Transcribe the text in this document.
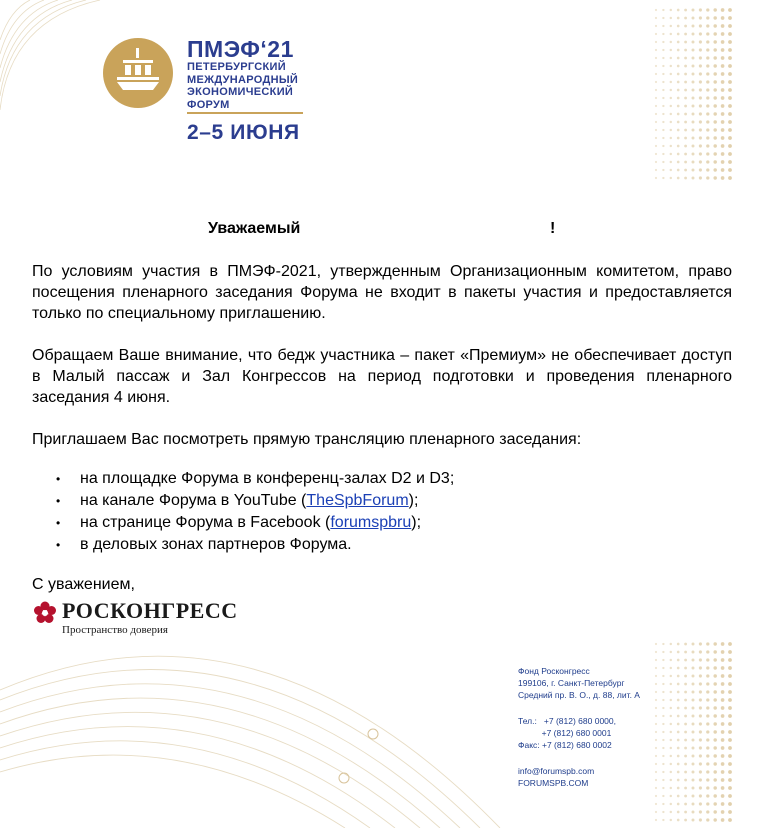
ПМЭФ‘21
ПЕТЕРБУРГСКИЙ
МЕЖДУНАРОДНЫЙ
ЭКОНОМИЧЕСКИЙ
ФОРУМ
2–5 ИЮНЯ
Уважаемый	!
По условиям участия в ПМЭФ-2021, утвержденным Организационным комитетом, право посещения пленарного заседания Форума не входит в пакеты участия и предоставляется только по специальному приглашению.
Обращаем Ваше внимание, что бедж участника – пакет «Премиум» не обеспечивает доступ в Малый пассаж и Зал Конгрессов на период подготовки и проведения пленарного заседания 4 июня.
Приглашаем Вас посмотреть прямую трансляцию пленарного заседания:
• на площадке Форума в конференц-залах D2 и D3;
• на канале Форума в YouTube (TheSpbForum);
• на странице Форума в Facebook (forumspbru);
• в деловых зонах партнеров Форума.
С уважением,
РОСКОНГРЕСС
Пространство доверия
Фонд Росконгресс
199106, г. Санкт-Петербург
Средний пр. В. О., д. 88, лит. А
Тел.:   +7 (812) 680 0000,
+7 (812) 680 0001
Факс: +7 (812) 680 0002
info@forumspb.com
FORUMSPB.COM
